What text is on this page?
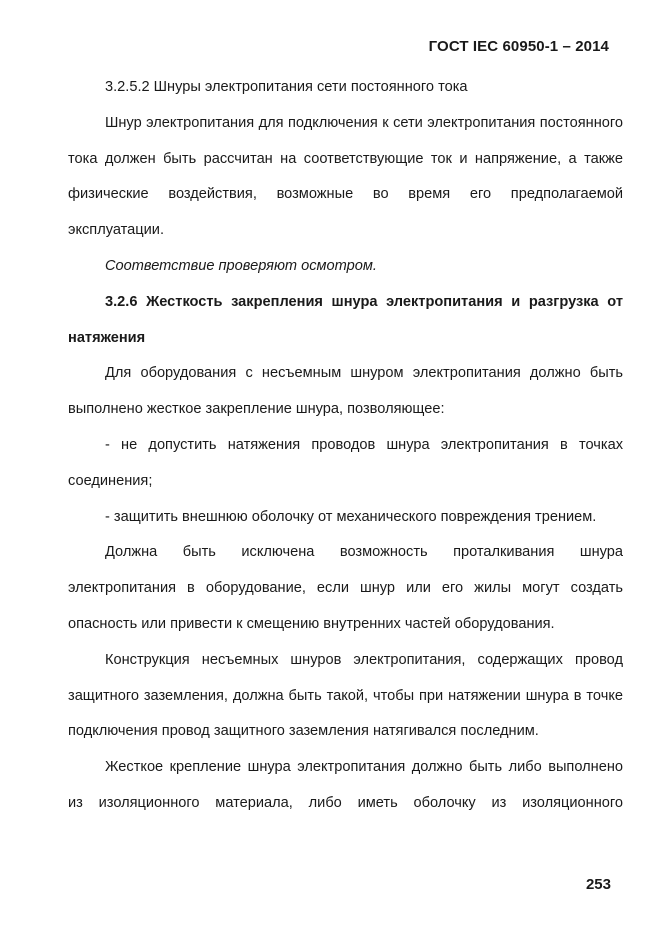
ГОСТ IEC 60950-1 – 2014

3.2.5.2 Шнуры электропитания сети постоянного тока

Шнур электропитания для подключения к сети электропитания постоянного тока должен быть рассчитан на соответствующие ток и напряжение, а также физические воздействия, возможные во время его предполагаемой эксплуатации.

Соответствие проверяют осмотром.

3.2.6 Жесткость закрепления шнура электропитания и разгрузка от натяжения

Для оборудования с несъемным шнуром электропитания должно быть выполнено жесткое закрепление шнура, позволяющее:

- не допустить натяжения проводов шнура электропитания в точках соединения;

- защитить внешнюю оболочку от механического повреждения трением.

Должна быть исключена возможность проталкивания шнура электропитания в оборудование, если шнур или его жилы могут создать опасность или привести к смещению внутренних частей оборудования.

Конструкция несъемных шнуров электропитания, содержащих провод защитного заземления, должна быть такой, чтобы при натяжении шнура в точке подключения провод защитного заземления натягивался последним.

Жесткое крепление шнура электропитания должно быть либо выполнено из изоляционного материала, либо иметь оболочку из изоляционного

253
